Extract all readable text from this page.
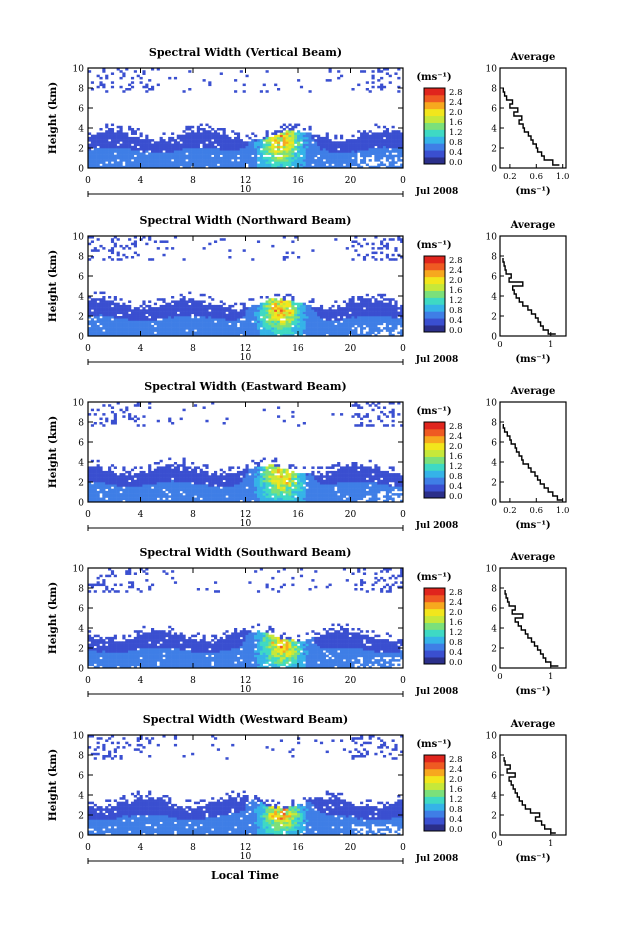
Local Time
Spectral Width (Vertical Beam)
0
2
4
6
8
10
Height (km)
0	4	8	12	16	20	0
10	Jul 2008
(ms⁻¹)
2.8
2.4
2.0
1.6
1.2
0.8
0.4
0.0
Average
0
2
4
6
8
10
0.2 0.6 1.0
(ms⁻¹)
Spectral Width (Northward Beam)
0
2
4
6
8
10
Height (km)
0	4	8	12	16	20	0
10	Jul 2008
(ms⁻¹)
2.8
2.4
2.0
1.6
1.2
0.8
0.4
0.0
Average
0
2
4
6
8
10
0	1
(ms⁻¹)
Spectral Width (Eastward Beam)
0
2
4
6
8
10
Height (km)
0	4	8	12	16	20	0
10	Jul 2008
(ms⁻¹)
2.8
2.4
2.0
1.6
1.2
0.8
0.4
0.0
Average
0
2
4
6
8
10
0.2 0.6 1.0
(ms⁻¹)
Spectral Width (Southward Beam)
0
2
4
6
8
10
Height (km)
0	4	8	12	16	20	0
10	Jul 2008
(ms⁻¹)
2.8
2.4
2.0
1.6
1.2
0.8
0.4
0.0
Average
0
2
4
6
8
10
0	1
(ms⁻¹)
Spectral Width (Westward Beam)
0
2
4
6
8
10
Height (km)
0	4	8	12	16	20	0
10	Jul 2008
(ms⁻¹)
2.8
2.4
2.0
1.6
1.2
0.8
0.4
0.0
Average
0
2
4
6
8
10
0	1
(ms⁻¹)
